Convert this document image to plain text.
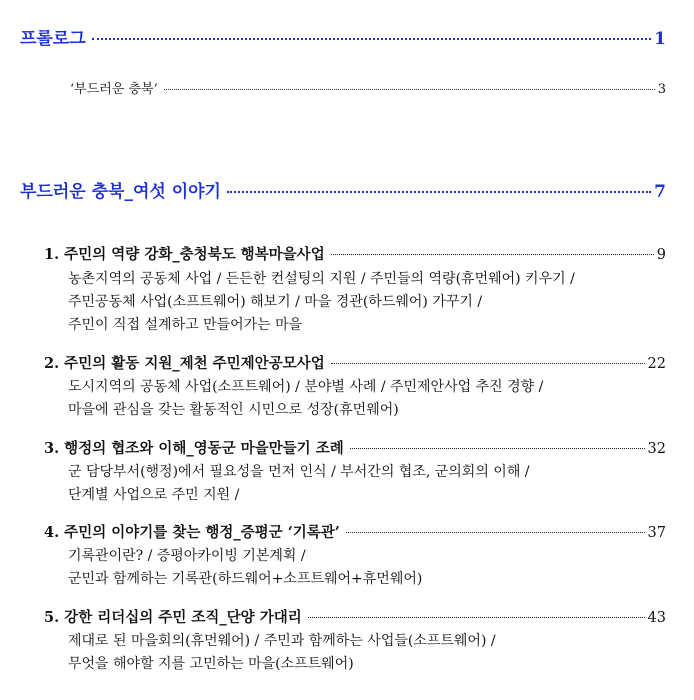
프롤로그	1
‘부드러운 충북’	3
부드러운 충북_여섯 이야기	7
1. 주민의 역량 강화_충청북도 행복마을사업	9
농촌지역의 공동체 사업 / 든든한 컨설팅의 지원 / 주민들의 역량(휴먼웨어) 키우기 /
주민공동체 사업(소프트웨어) 해보기 / 마을 경관(하드웨어) 가꾸기 /
주민이 직접 설계하고 만들어가는 마을
2. 주민의 활동 지원_제천 주민제안공모사업	22
도시지역의 공동체 사업(소프트웨어) / 분야별 사례 / 주민제안사업 추진 경향 /
마을에 관심을 갖는 활동적인 시민으로 성장(휴먼웨어)
3. 행정의 협조와 이해_영동군 마을만들기 조례	32
군 담당부서(행정)에서 필요성을 먼저 인식 / 부서간의 협조, 군의회의 이해 /
단계별 사업으로 주민 지원 /
4. 주민의 이야기를 찾는 행정_증평군 ‘기록관’	37
기록관이란? / 증평아카이빙 기본계획 /
군민과 함께하는 기록관(하드웨어+소프트웨어+휴먼웨어)
5. 강한 리더십의 주민 조직_단양 가대리	43
제대로 된 마을회의(휴먼웨어) / 주민과 함께하는 사업들(소프트웨어) /
무엇을 해야할 지를 고민하는 마을(소프트웨어)
